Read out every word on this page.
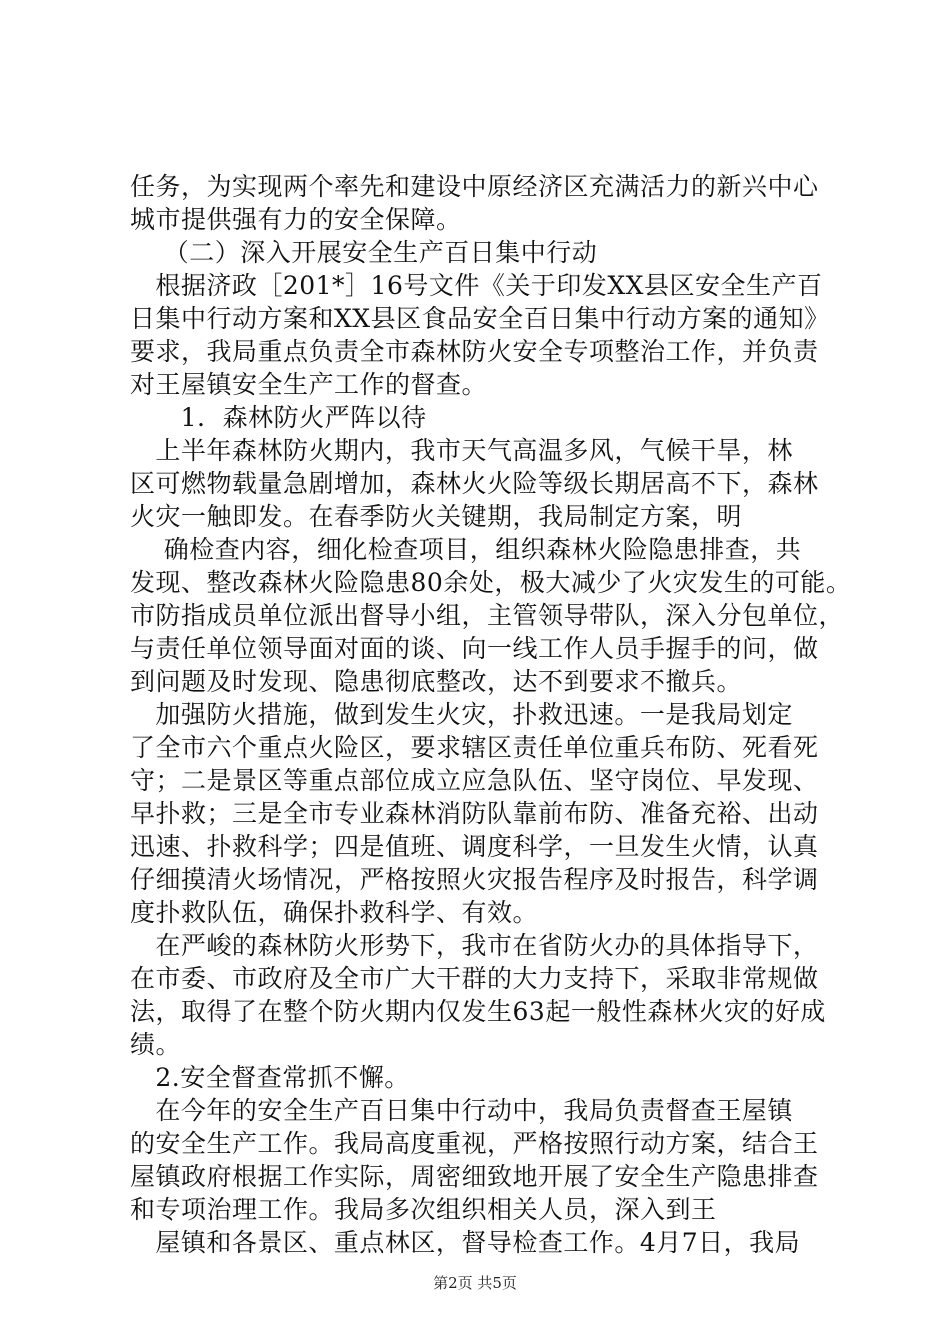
任务，为实现两个率先和建设中原经济区充满活力的新兴中心
城市提供强有力的安全保障。
（二）深入开展安全生产百日集中行动
根据济政［201*］16号文件《关于印发XX县区安全生产百
日集中行动方案和XX县区食品安全百日集中行动方案的通知》
要求，我局重点负责全市森林防火安全专项整治工作，并负责
对王屋镇安全生产工作的督查。
1．森林防火严阵以待
上半年森林防火期内，我市天气高温多风，气候干旱，林
区可燃物载量急剧增加，森林火火险等级长期居高不下，森林
火灾一触即发。在春季防火关键期，我局制定方案，明
确检查内容，细化检查项目，组织森林火险隐患排查，共
发现、整改森林火险隐患80余处，极大减少了火灾发生的可能。
市防指成员单位派出督导小组，主管领导带队，深入分包单位，
与责任单位领导面对面的谈、向一线工作人员手握手的问，做
到问题及时发现、隐患彻底整改，达不到要求不撤兵。
加强防火措施，做到发生火灾，扑救迅速。一是我局划定
了全市六个重点火险区，要求辖区责任单位重兵布防、死看死
守；二是景区等重点部位成立应急队伍、坚守岗位、早发现、
早扑救；三是全市专业森林消防队靠前布防、准备充裕、出动
迅速、扑救科学；四是值班、调度科学，一旦发生火情，认真
仔细摸清火场情况，严格按照火灾报告程序及时报告，科学调
度扑救队伍，确保扑救科学、有效。
在严峻的森林防火形势下，我市在省防火办的具体指导下，
在市委、市政府及全市广大干群的大力支持下，采取非常规做
法，取得了在整个防火期内仅发生63起一般性森林火灾的好成
绩。
2.安全督查常抓不懈。
在今年的安全生产百日集中行动中，我局负责督查王屋镇
的安全生产工作。我局高度重视，严格按照行动方案，结合王
屋镇政府根据工作实际，周密细致地开展了安全生产隐患排查
和专项治理工作。我局多次组织相关人员，深入到王
屋镇和各景区、重点林区，督导检查工作。4月7日，我局
第2页 共5页
